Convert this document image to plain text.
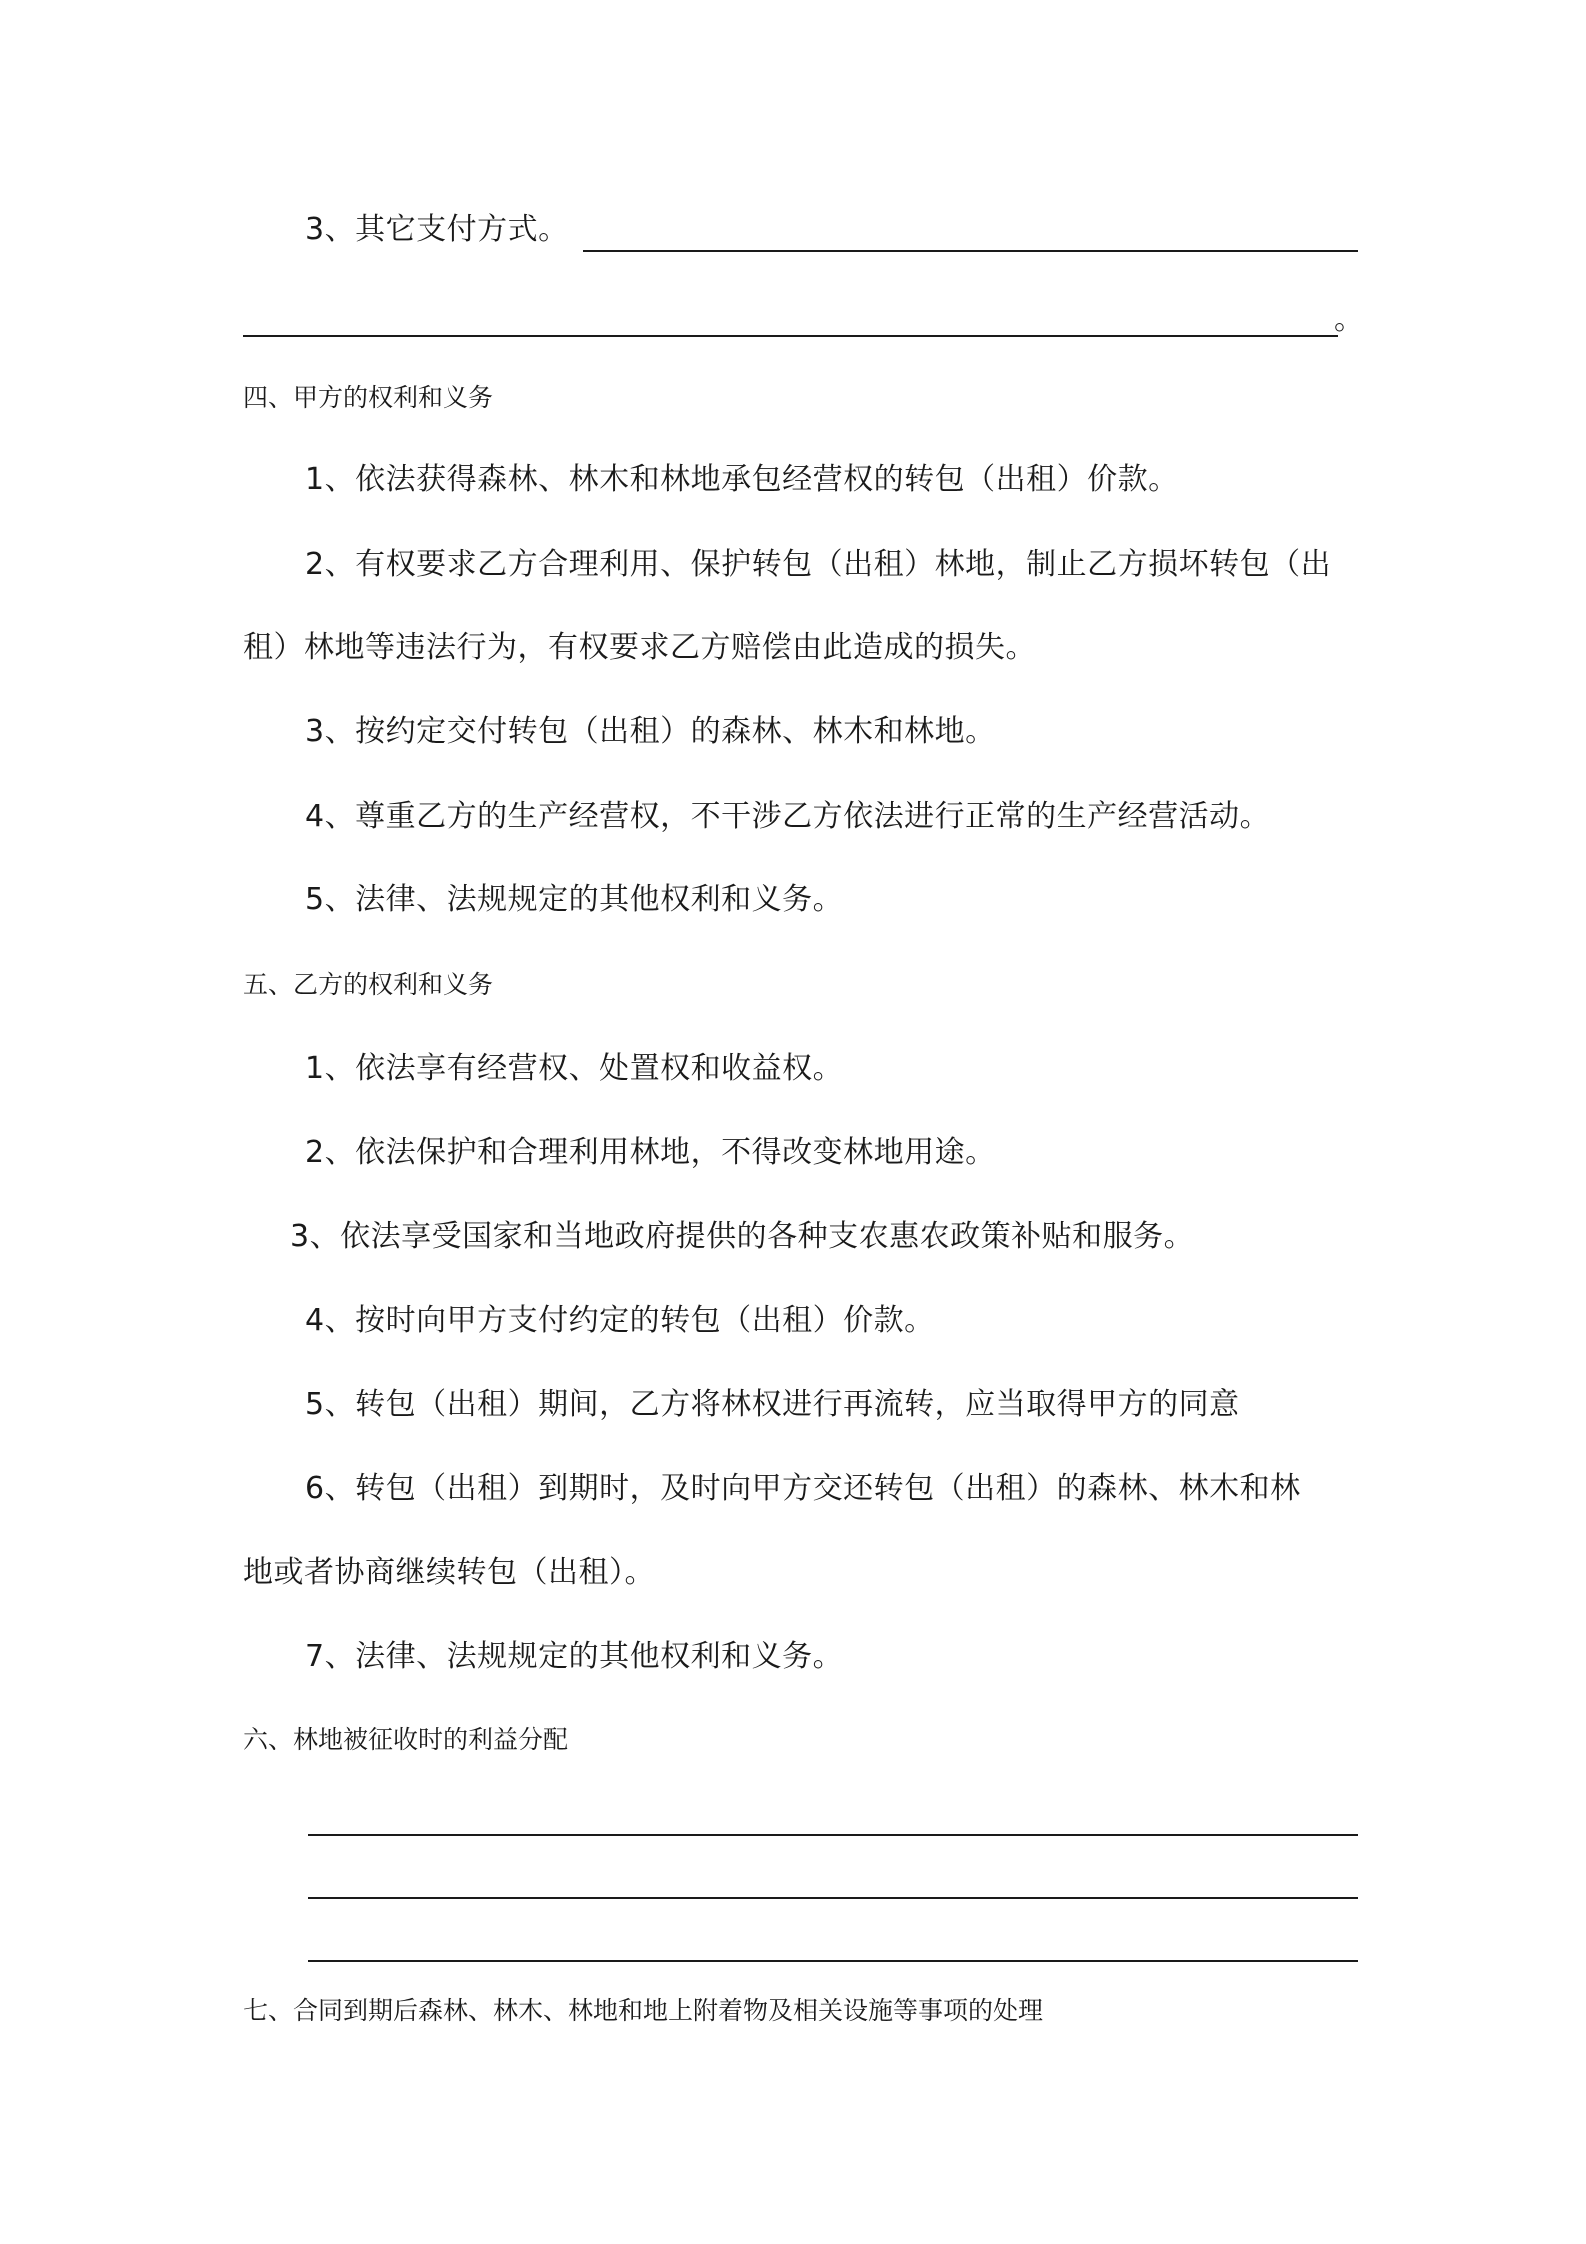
3、其它支付方式。
。
四、甲方的权利和义务
1、依法获得森林、林木和林地承包经营权的转包（出租）价款。
2、有权要求乙方合理利用、保护转包（出租）林地，制止乙方损坏转包（出
租）林地等违法行为，有权要求乙方赔偿由此造成的损失。
3、按约定交付转包（出租）的森林、林木和林地。
4、尊重乙方的生产经营权，不干涉乙方依法进行正常的生产经营活动。
5、法律、法规规定的其他权利和义务。
五、乙方的权利和义务
1、依法享有经营权、处置权和收益权。
2、依法保护和合理利用林地，不得改变林地用途。
3、依法享受国家和当地政府提供的各种支农惠农政策补贴和服务。
4、按时向甲方支付约定的转包（出租）价款。
5、转包（出租）期间，乙方将林权进行再流转，应当取得甲方的同意
6、转包（出租）到期时，及时向甲方交还转包（出租）的森林、林木和林
地或者协商继续转包（出租）。
7、法律、法规规定的其他权利和义务。
六、林地被征收时的利益分配
七、合同到期后森林、林木、林地和地上附着物及相关设施等事项的处理
